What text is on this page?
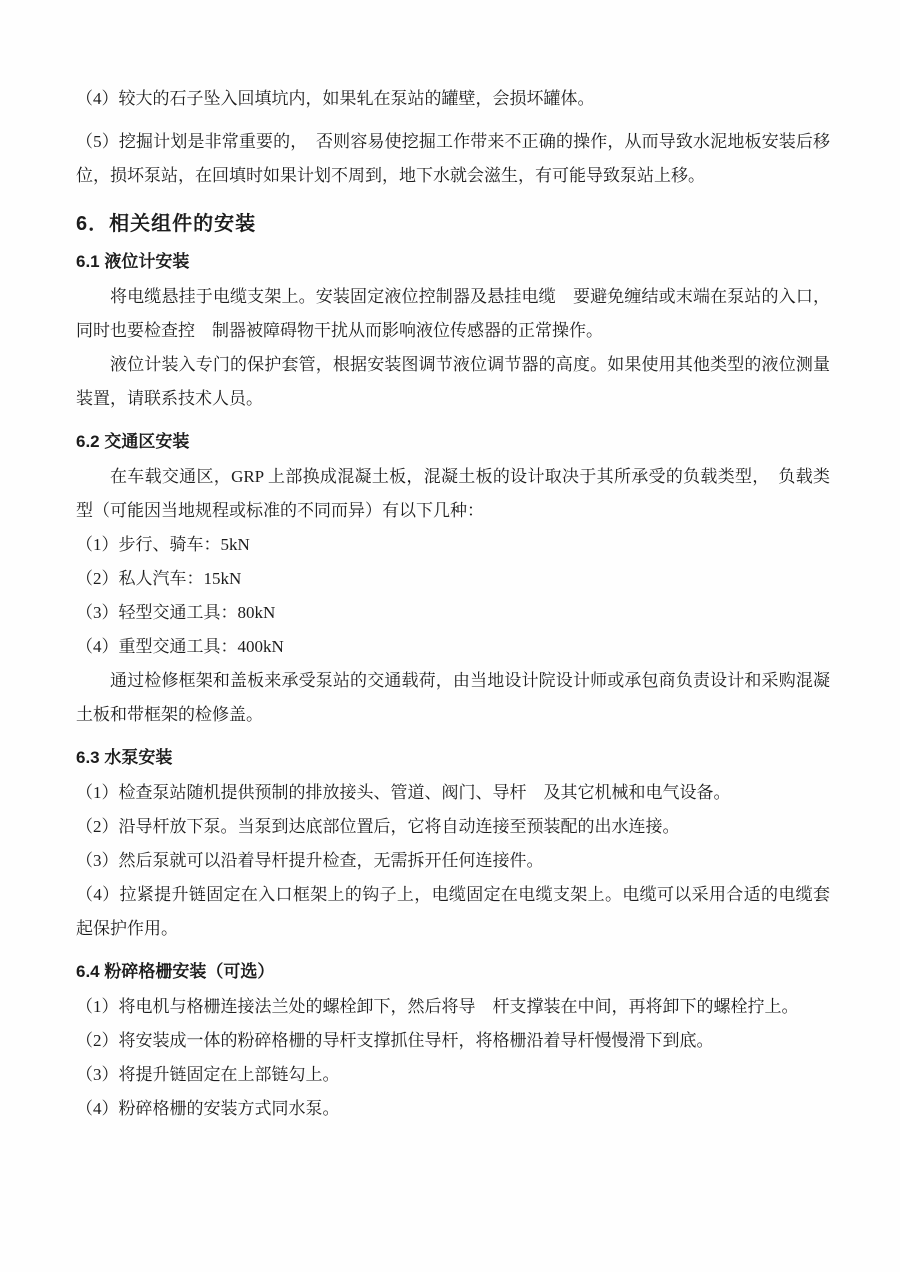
（4）较大的石子坠入回填坑内，如果轧在泵站的罐壁，会损坏罐体。

（5）挖掘计划是非常重要的，　否则容易使挖掘工作带来不正确的操作，从而导致水泥地板安装后移位，损坏泵站，在回填时如果计划不周到，地下水就会滋生，有可能导致泵站上移。

6．相关组件的安装
6.1 液位计安装

将电缆悬挂于电缆支架上。安装固定液位控制器及悬挂电缆　要避免缠结或末端在泵站的入口，同时也要检查控　制器被障碍物干扰从而影响液位传感器的正常操作。

液位计装入专门的保护套管，根据安装图调节液位调节器的高度。如果使用其他类型的液位测量装置，请联系技术人员。

6.2 交通区安装

在车载交通区，GRP 上部换成混凝土板，混凝土板的设计取决于其所承受的负载类型，　负载类型（可能因当地规程或标准的不同而异）有以下几种：

（1）步行、骑车：5kN

（2）私人汽车：15kN

（3）轻型交通工具：80kN

（4）重型交通工具：400kN

通过检修框架和盖板来承受泵站的交通载荷，由当地设计院设计师或承包商负责设计和采购混凝土板和带框架的检修盖。

6.3 水泵安装

（1）检查泵站随机提供预制的排放接头、管道、阀门、导杆　及其它机械和电气设备。

（2）沿导杆放下泵。当泵到达底部位置后，它将自动连接至预装配的出水连接。

（3）然后泵就可以沿着导杆提升检查，无需拆开任何连接件。

（4）拉紧提升链固定在入口框架上的钩子上，电缆固定在电缆支架上。电缆可以采用合适的电缆套起保护作用。

6.4 粉碎格栅安装（可选）

（1）将电机与格栅连接法兰处的螺栓卸下，然后将导　杆支撑装在中间，再将卸下的螺栓拧上。

（2）将安装成一体的粉碎格栅的导杆支撑抓住导杆，将格栅沿着导杆慢慢滑下到底。

（3）将提升链固定在上部链勾上。

（4）粉碎格栅的安装方式同水泵。
